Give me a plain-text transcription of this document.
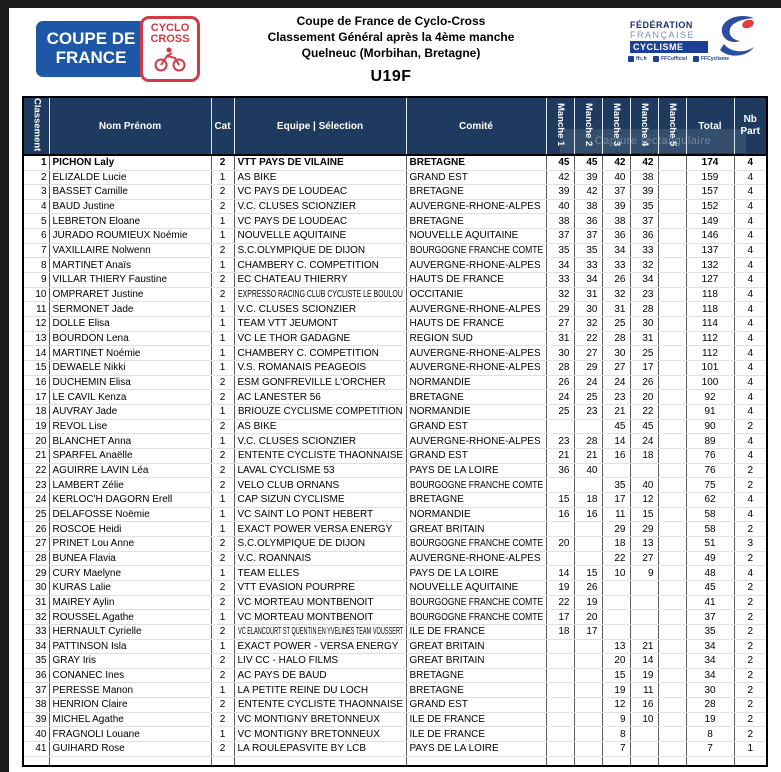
COUPE DE
FRANCE
CYCLO
CROSS
Coupe de France de Cyclo-Cross
Classement Général après la 4ème manche
Quelneuc (Morbihan, Bretagne)
U19F
FÉDÉRATION
FRANÇAISE
CYCLISME
ffc.fr	FFCofficiel	FFCyclisme
Capture rectangulaire
Classement	Nom Prénom	Cat	Equipe | Sélection	Comité	Manche 1	Manche 2	Manche 3	Manche 4	Manche 5	Total	Nb Part
1	PICHON Laly	2	VTT PAYS DE VILAINE	BRETAGNE	45	45	42	42		174	4
2	ELIZALDE Lucie	1	AS BIKE	GRAND EST	42	39	40	38		159	4
3	BASSET Camille	2	VC PAYS DE LOUDEAC	BRETAGNE	39	42	37	39		157	4
4	BAUD Justine	2	V.C. CLUSES SCIONZIER	AUVERGNE-RHONE-ALPES	40	38	39	35		152	4
5	LEBRETON Eloane	1	VC PAYS DE LOUDEAC	BRETAGNE	38	36	38	37		149	4
6	JURADO ROUMIEUX Noémie	1	NOUVELLE AQUITAINE	NOUVELLE AQUITAINE	37	37	36	36		146	4
7	VAXILLAIRE Nolwenn	2	S.C.OLYMPIQUE DE DIJON	BOURGOGNE FRANCHE COMTE	35	35	34	33		137	4
8	MARTINET Anaïs	1	CHAMBERY C. COMPETITION	AUVERGNE-RHONE-ALPES	34	33	33	32		132	4
9	VILLAR THIERY Faustine	2	EC CHATEAU THIERRY	HAUTS DE FRANCE	33	34	26	34		127	4
10	OMPRARET Justine	2	EXPRESSO RACING CLUB CYCLISTE LE BOULOU	OCCITANIE	32	31	32	23		118	4
11	SERMONET Jade	1	V.C. CLUSES SCIONZIER	AUVERGNE-RHONE-ALPES	29	30	31	28		118	4
12	DOLLE Elisa	1	TEAM VTT JEUMONT	HAUTS DE FRANCE	27	32	25	30		114	4
13	BOURDON Lena	1	VC LE THOR GADAGNE	REGION SUD	31	22	28	31		112	4
14	MARTINET Noémie	1	CHAMBERY C. COMPETITION	AUVERGNE-RHONE-ALPES	30	27	30	25		112	4
15	DEWAELE Nikki	1	V.S. ROMANAIS PEAGEOIS	AUVERGNE-RHONE-ALPES	28	29	27	17		101	4
16	DUCHEMIN Elisa	2	ESM GONFREVILLE L'ORCHER	NORMANDIE	26	24	24	26		100	4
17	LE CAVIL Kenza	2	AC LANESTER 56	BRETAGNE	24	25	23	20		92	4
18	AUVRAY Jade	1	BRIOUZE CYCLISME COMPETITION	NORMANDIE	25	23	21	22		91	4
19	REVOL Lise	2	AS BIKE	GRAND EST			45	45		90	2
20	BLANCHET Anna	1	V.C. CLUSES SCIONZIER	AUVERGNE-RHONE-ALPES	23	28	14	24		89	4
21	SPARFEL Anaëlle	2	ENTENTE CYCLISTE THAONNAISE	GRAND EST	21	21	16	18		76	4
22	AGUIRRE LAVIN Léa	2	LAVAL CYCLISME 53	PAYS DE LA LOIRE	36	40				76	2
23	LAMBERT Zélie	2	VELO CLUB ORNANS	BOURGOGNE FRANCHE COMTE			35	40		75	2
24	KERLOC'H DAGORN Erell	1	CAP SIZUN CYCLISME	BRETAGNE	15	18	17	12		62	4
25	DELAFOSSE Noëmie	1	VC SAINT LO PONT HEBERT	NORMANDIE	16	16	11	15		58	4
26	ROSCOE Heidi	1	EXACT POWER VERSA ENERGY	GREAT BRITAIN			29	29		58	2
27	PRINET Lou Anne	2	S.C.OLYMPIQUE DE DIJON	BOURGOGNE FRANCHE COMTE	20		18	13		51	3
28	BUNEA Flavia	2	V.C. ROANNAIS	AUVERGNE-RHONE-ALPES			22	27		49	2
29	CURY Maelyne	1	TEAM ELLES	PAYS DE LA LOIRE	14	15	10	9		48	4
30	KURAS Lalie	2	VTT EVASION POURPRE	NOUVELLE AQUITAINE	19	26				45	2
31	MAIREY Aylin	2	VC MORTEAU MONTBENOIT	BOURGOGNE FRANCHE COMTE	22	19				41	2
32	ROUSSEL Agathe	1	VC MORTEAU MONTBENOIT	BOURGOGNE FRANCHE COMTE	17	20				37	2
33	HERNAULT Cyrielle	2	VC ELANCOURT ST QUENTIN EN YVELINES TEAM VOUSSERT	ILE DE FRANCE	18	17				35	2
34	PATTINSON Isla	1	EXACT POWER - VERSA ENERGY	GREAT BRITAIN			13	21		34	2
35	GRAY Iris	2	LIV CC - HALO FILMS	GREAT BRITAIN			20	14		34	2
36	CONANEC Ines	2	AC PAYS DE BAUD	BRETAGNE			15	19		34	2
37	PERESSE Manon	1	LA PETITE REINE DU LOCH	BRETAGNE			19	11		30	2
38	HENRION Claire	2	ENTENTE CYCLISTE THAONNAISE	GRAND EST			12	16		28	2
39	MICHEL Agathe	2	VC MONTIGNY BRETONNEUX	ILE DE FRANCE			9	10		19	2
40	FRAGNOLI Louane	1	VC MONTIGNY BRETONNEUX	ILE DE FRANCE			8			8	2
41	GUIHARD Rose	2	LA ROULEPASVITE BY LCB	PAYS DE LA LOIRE			7			7	1
